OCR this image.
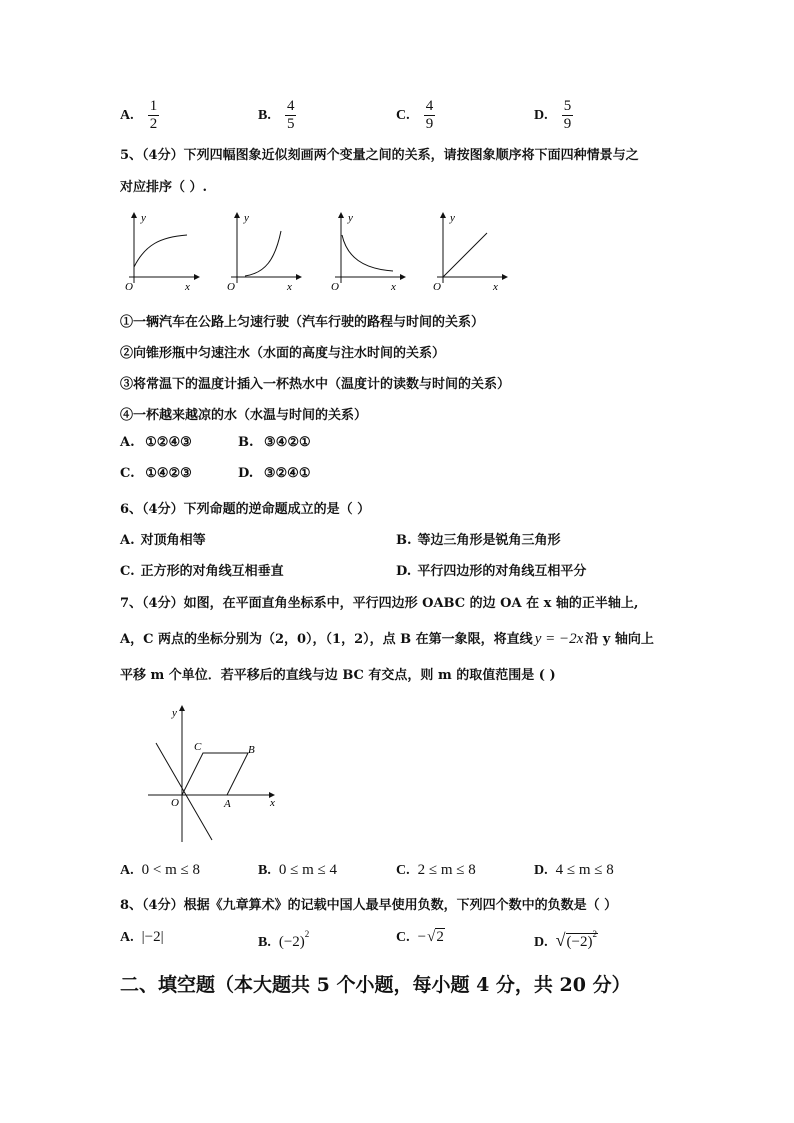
A. $\frac{1}{2}$	B. $\frac{4}{5}$	C. $\frac{4}{9}$	D. $\frac{5}{9}$
5、（4分）下列四幅图象近似刻画两个变量之间的关系，请按图象顺序将下面四种情景与之
对应排序（ ）.
y
O	x
y
O	x
y
O	x
y
O	x
①一辆汽车在公路上匀速行驶（汽车行驶的路程与时间的关系）
②向锥形瓶中匀速注水（水面的高度与注水时间的关系）
③将常温下的温度计插入一杯热水中（温度计的读数与时间的关系）
④一杯越来越凉的水（水温与时间的关系）
A. ①②④③	B. ③④②①
C. ①④②③	D. ③②④①
6、（4分）下列命题的逆命题成立的是（ ）
A. 对顶角相等	B. 等边三角形是锐角三角形
C. 正方形的对角线互相垂直	D. 平行四边形的对角线互相平分
7、（4分）如图，在平面直角坐标系中，平行四边形 OABC 的边 OA 在 x 轴的正半轴上,
A，C 两点的坐标分别为（2，0），（1，2），点 B 在第一象限，将直线 y = −2x 沿 y 轴向上
平移 m 个单位．若平移后的直线与边 BC 有交点，则 m 的取值范围是 ( )
y
x
O	A
B
C
A. 0 < m ≤ 8	B. 0 ≤ m ≤ 4	C. 2 ≤ m ≤ 8	D. 4 ≤ m ≤ 8
8、（4分）根据《九章算术》的记载中国人最早使用负数，下列四个数中的负数是（ ）
A. |−2|	B. $(-2)^2$	C. −√2	D. $√(-2)^2$
二、填空题（本大题共 5 个小题，每小题 4 分，共 20 分）
